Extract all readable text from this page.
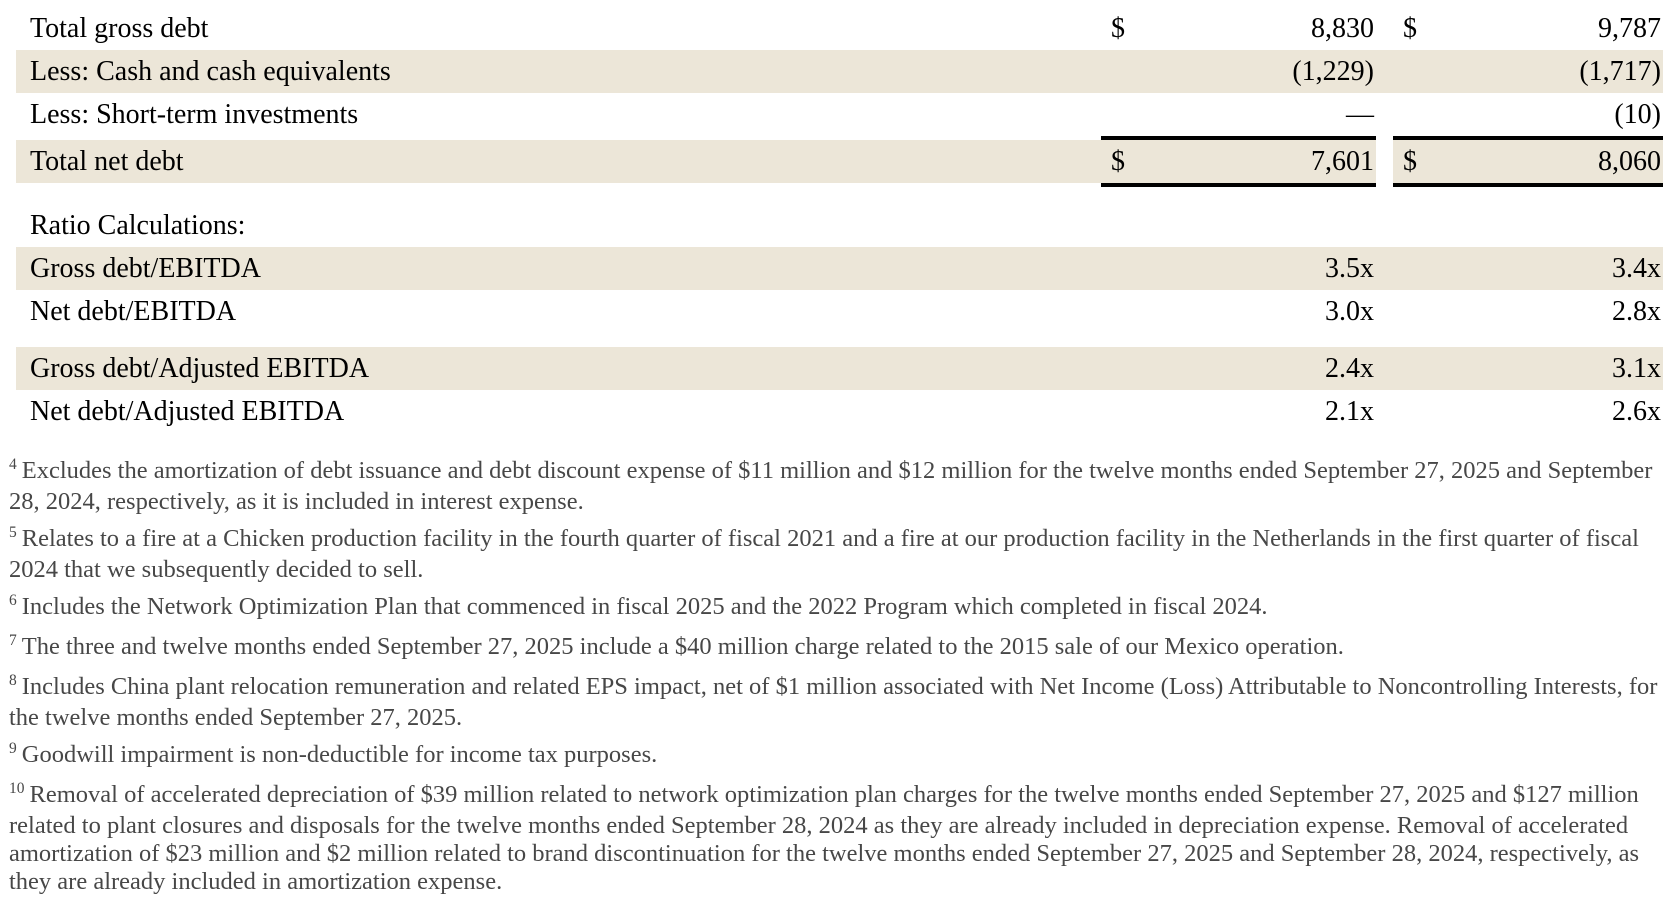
Total gross debt	$	8,830	$	9,787
Less: Cash and cash equivalents	(1,229)	(1,717)
Less: Short-term investments	—	(10)
Total net debt	$	7,601	$	8,060
Ratio Calculations:
Gross debt/EBITDA	3.5x	3.4x
Net debt/EBITDA	3.0x	2.8x
Gross debt/Adjusted EBITDA	2.4x	3.1x
Net debt/Adjusted EBITDA	2.1x	2.6x

$^4$ Excludes the amortization of debt issuance and debt discount expense of $11 million and $12 million for the twelve months ended September 27, 2025 and September 28, 2024, respectively, as it is included in interest expense.

$^5$ Relates to a fire at a Chicken production facility in the fourth quarter of fiscal 2021 and a fire at our production facility in the Netherlands in the first quarter of fiscal 2024 that we subsequently decided to sell.

$^6$ Includes the Network Optimization Plan that commenced in fiscal 2025 and the 2022 Program which completed in fiscal 2024.

$^7$ The three and twelve months ended September 27, 2025 include a $40 million charge related to the 2015 sale of our Mexico operation.

$^8$ Includes China plant relocation remuneration and related EPS impact, net of $1 million associated with Net Income (Loss) Attributable to Noncontrolling Interests, for the twelve months ended September 27, 2025.

$^9$ Goodwill impairment is non-deductible for income tax purposes.

$^{10}$ Removal of accelerated depreciation of $39 million related to network optimization plan charges for the twelve months ended September 27, 2025 and $127 million related to plant closures and disposals for the twelve months ended September 28, 2024 as they are already included in depreciation expense. Removal of accelerated amortization of $23 million and $2 million related to brand discontinuation for the twelve months ended September 27, 2025 and September 28, 2024, respectively, as they are already included in amortization expense.
